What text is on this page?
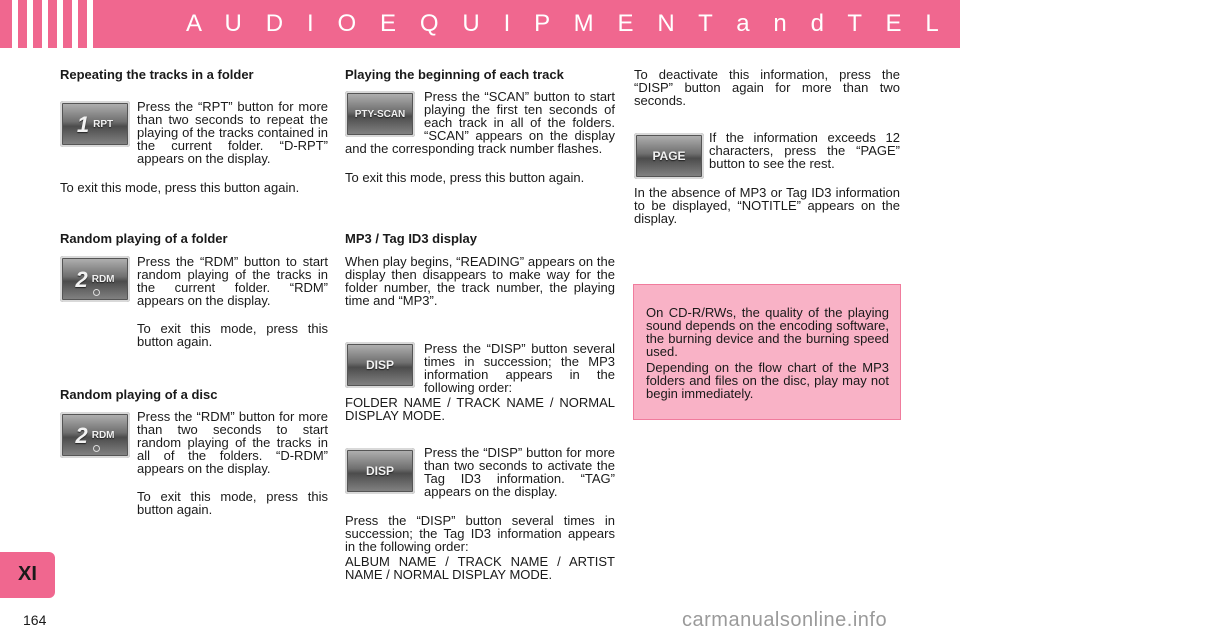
A U D I O E Q U I P M E N T a n d T E L E M A T I C S
Repeating the tracks in a folder
1 RPT
Press the “RPT” button for more than two seconds to repeat the playing of the tracks contained in the current folder. “D-RPT” appears on the display.
To exit this mode, press this button again.
Random playing of a folder
2 RDM
Press the “RDM” button to start random playing of the tracks in the current folder. “RDM” appears on the display.
To exit this mode, press this button again.
Random playing of a disc
2 RDM
Press the “RDM” button for more than two seconds to start random playing of the tracks in all of the folders. “D-RDM” appears on the display.
To exit this mode, press this button again.
Playing the beginning of each track
PTY-SCAN
Press the “SCAN” button to start playing the first ten seconds of each track in all of the folders. “SCAN” appears on the display and the corresponding track number flashes.
To exit this mode, press this button again.
MP3 / Tag ID3 display
When play begins, “READING” appears on the display then disappears to make way for the folder number, the track number, the playing time and “MP3”.
DISP
Press the “DISP” button several times in succession; the MP3 information appears in the following order:
FOLDER NAME / TRACK NAME / NORMAL DISPLAY MODE.
DISP
Press the “DISP” button for more than two seconds to activate the Tag ID3 information. “TAG” appears on the display.
Press the “DISP” button several times in succession; the Tag ID3 information appears in the following order:
ALBUM NAME / TRACK NAME / ARTIST NAME / NORMAL DISPLAY MODE.
To deactivate this information, press the “DISP” button again for more than two seconds.
PAGE
If the information exceeds 12 characters, press the “PAGE” button to see the rest.
In the absence of MP3 or Tag ID3 information to be displayed, “NOTITLE” appears on the display.
On CD-R/RWs, the quality of the playing sound depends on the encoding software, the burning device and the burning speed used.
Depending on the flow chart of the MP3 folders and files on the disc, play may not begin immediately.
XI
164	carmanualsonline.info
